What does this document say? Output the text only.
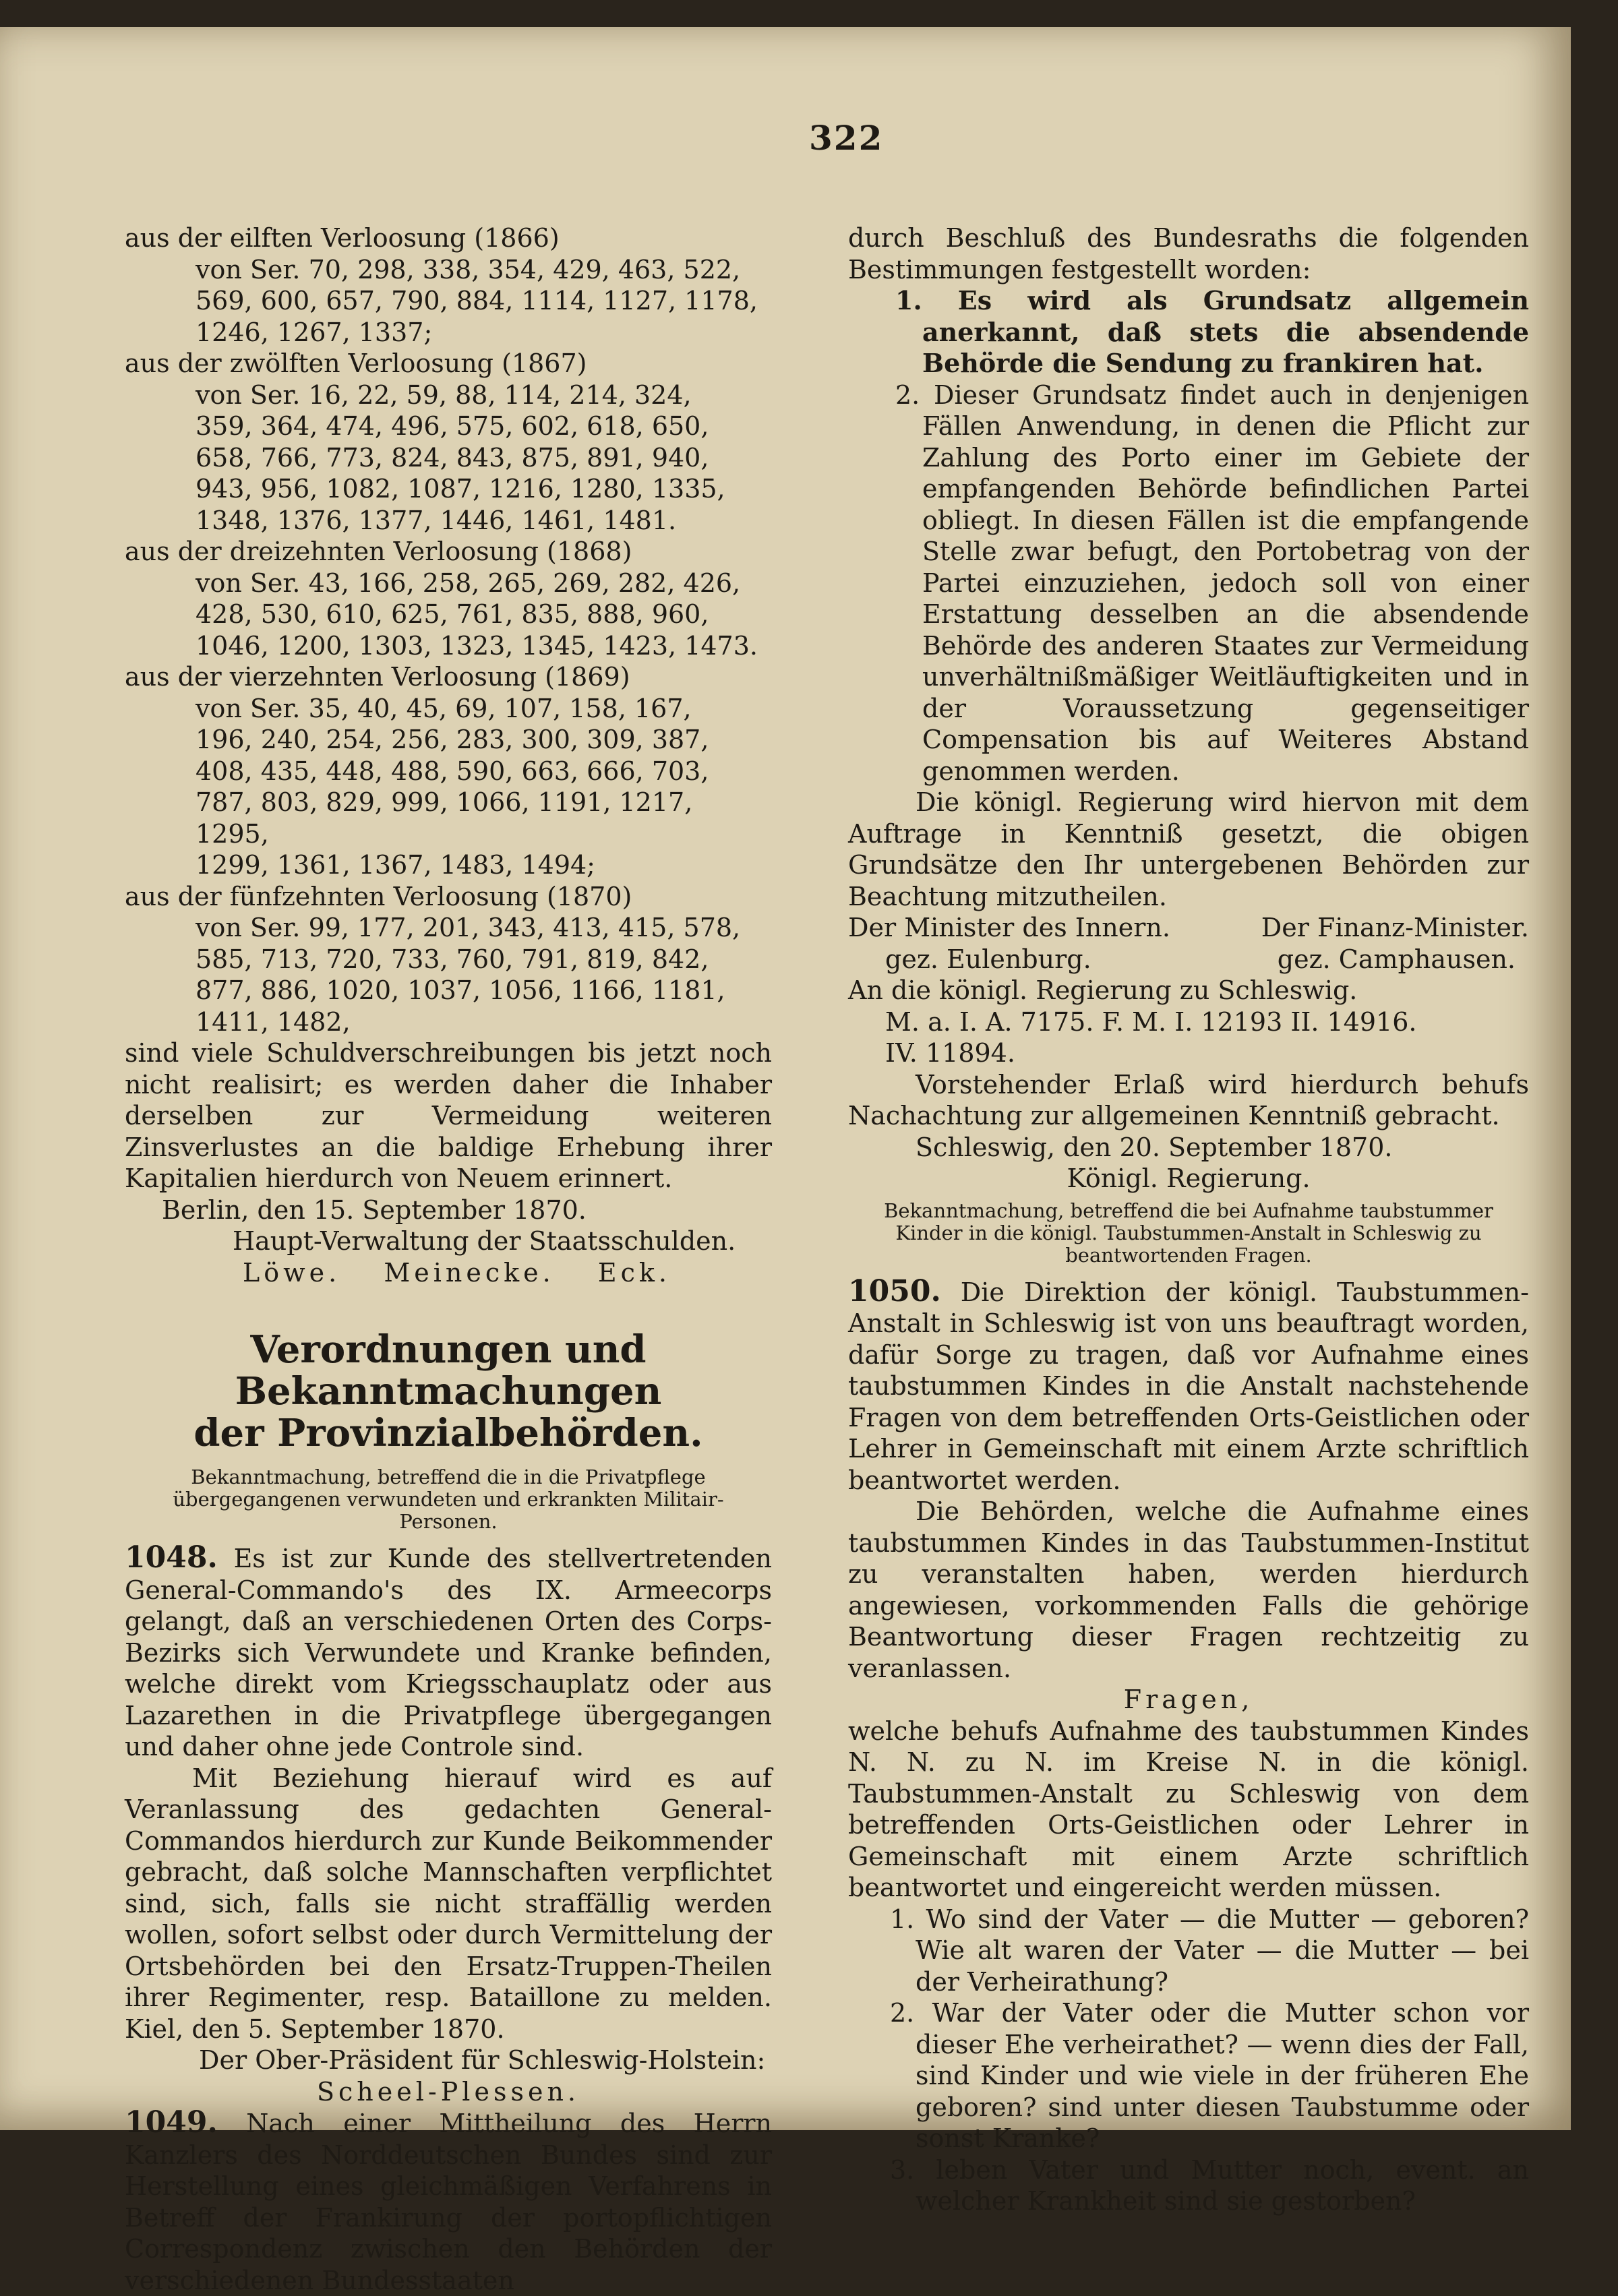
322

aus der eilften Verloosung (1866)

von Ser. 70, 298, 338, 354, 429, 463, 522,
569, 600, 657, 790, 884, 1114, 1127, 1178,
1246, 1267, 1337;

aus der zwölften Verloosung (1867)

von Ser. 16, 22, 59, 88, 114, 214, 324,
359, 364, 474, 496, 575, 602, 618, 650,
658, 766, 773, 824, 843, 875, 891, 940,
943, 956, 1082, 1087, 1216, 1280, 1335,
1348, 1376, 1377, 1446, 1461, 1481.

aus der dreizehnten Verloosung (1868)

von Ser. 43, 166, 258, 265, 269, 282, 426,
428, 530, 610, 625, 761, 835, 888, 960,
1046, 1200, 1303, 1323, 1345, 1423, 1473.

aus der vierzehnten Verloosung (1869)

von Ser. 35, 40, 45, 69, 107, 158, 167,
196, 240, 254, 256, 283, 300, 309, 387,
408, 435, 448, 488, 590, 663, 666, 703,
787, 803, 829, 999, 1066, 1191, 1217, 1295,
1299, 1361, 1367, 1483, 1494;

aus der fünfzehnten Verloosung (1870)

von Ser. 99, 177, 201, 343, 413, 415, 578,
585, 713, 720, 733, 760, 791, 819, 842,
877, 886, 1020, 1037, 1056, 1166, 1181,
1411, 1482,

sind viele Schuldverschreibungen bis jetzt noch nicht realisirt; es werden daher die Inhaber derselben zur Vermeidung weiteren Zinsverlustes an die baldige Erhebung ihrer Kapitalien hierdurch von Neuem erinnert.

Berlin, den 15. September 1870.

Haupt-Verwaltung der Staatsschulden.

Löwe. Meinecke. Eck.
Verordnungen und Bekanntmachungen
der Provinzialbehörden.
Bekanntmachung, betreffend die in die Privatpflege übergegangenen verwundeten und erkrankten Militair-Personen.

1048. Es ist zur Kunde des stellvertretenden General-Commando's des IX. Armeecorps gelangt, daß an verschiedenen Orten des Corps-Bezirks sich Verwundete und Kranke befinden, welche direkt vom Kriegsschauplatz oder aus Lazarethen in die Privatpflege übergegangen und daher ohne jede Controle sind.

Mit Beziehung hierauf wird es auf Veranlassung des gedachten General-Commandos hierdurch zur Kunde Beikommender gebracht, daß solche Mannschaften verpflichtet sind, sich, falls sie nicht straffällig werden wollen, sofort selbst oder durch Vermittelung der Ortsbehörden bei den Ersatz-Truppen-Theilen ihrer Regimenter, resp. Bataillone zu melden. Kiel, den 5. September 1870.

Der Ober-Präsident für Schleswig-Holstein:

Scheel-Plessen.

1049. Nach einer Mittheilung des Herrn Kanzlers des Norddeutschen Bundes sind zur Herstellung eines gleichmäßigen Verfahrens in Betreff der Frankirung der portopflichtigen Correspondenz zwischen den Behörden der verschiedenen Bundesstaaten

durch Beschluß des Bundesraths die folgenden Bestimmungen festgestellt worden:

1. Es wird als Grundsatz allgemein anerkannt, daß stets die absendende Behörde die Sendung zu frankiren hat.

2. Dieser Grundsatz findet auch in denjenigen Fällen Anwendung, in denen die Pflicht zur Zahlung des Porto einer im Gebiete der empfangenden Behörde befindlichen Partei obliegt. In diesen Fällen ist die empfangende Stelle zwar befugt, den Portobetrag von der Partei einzuziehen, jedoch soll von einer Erstattung desselben an die absendende Behörde des anderen Staates zur Vermeidung unverhältnißmäßiger Weitläuftigkeiten und in der Voraussetzung gegenseitiger Compensation bis auf Weiteres Abstand genommen werden.

Die königl. Regierung wird hiervon mit dem Auftrage in Kenntniß gesetzt, die obigen Grundsätze den Ihr untergebenen Behörden zur Beachtung mitzutheilen.

Der Minister des Innern.	Der Finanz-Minister.
gez. Eulenburg.	gez. Camphausen.

An die königl. Regierung zu Schleswig.

M. a. I. A. 7175. F. M. I. 12193 II. 14916.

IV. 11894.

Vorstehender Erlaß wird hierdurch behufs Nachachtung zur allgemeinen Kenntniß gebracht.

Schleswig, den 20. September 1870.

Königl. Regierung.

Bekanntmachung, betreffend die bei Aufnahme taubstummer Kinder in die königl. Taubstummen-Anstalt in Schleswig zu beantwortenden Fragen.

1050. Die Direktion der königl. Taubstummen-Anstalt in Schleswig ist von uns beauftragt worden, dafür Sorge zu tragen, daß vor Aufnahme eines taubstummen Kindes in die Anstalt nachstehende Fragen von dem betreffenden Orts-Geistlichen oder Lehrer in Gemeinschaft mit einem Arzte schriftlich beantwortet werden.

Die Behörden, welche die Aufnahme eines taubstummen Kindes in das Taubstummen-Institut zu veranstalten haben, werden hierdurch angewiesen, vorkommenden Falls die gehörige Beantwortung dieser Fragen rechtzeitig zu veranlassen.

Fragen,

welche behufs Aufnahme des taubstummen Kindes N. N. zu N. im Kreise N. in die königl. Taubstummen-Anstalt zu Schleswig von dem betreffenden Orts-Geistlichen oder Lehrer in Gemeinschaft mit einem Arzte schriftlich beantwortet und eingereicht werden müssen.

1. Wo sind der Vater — die Mutter — geboren? Wie alt waren der Vater — die Mutter — bei der Verheirathung?

2. War der Vater oder die Mutter schon vor dieser Ehe verheirathet? — wenn dies der Fall, sind Kinder und wie viele in der früheren Ehe geboren? sind unter diesen Taubstumme oder sonst Kranke?

3. leben Vater und Mutter noch, event. an welcher Krankheit sind sie gestorben?
